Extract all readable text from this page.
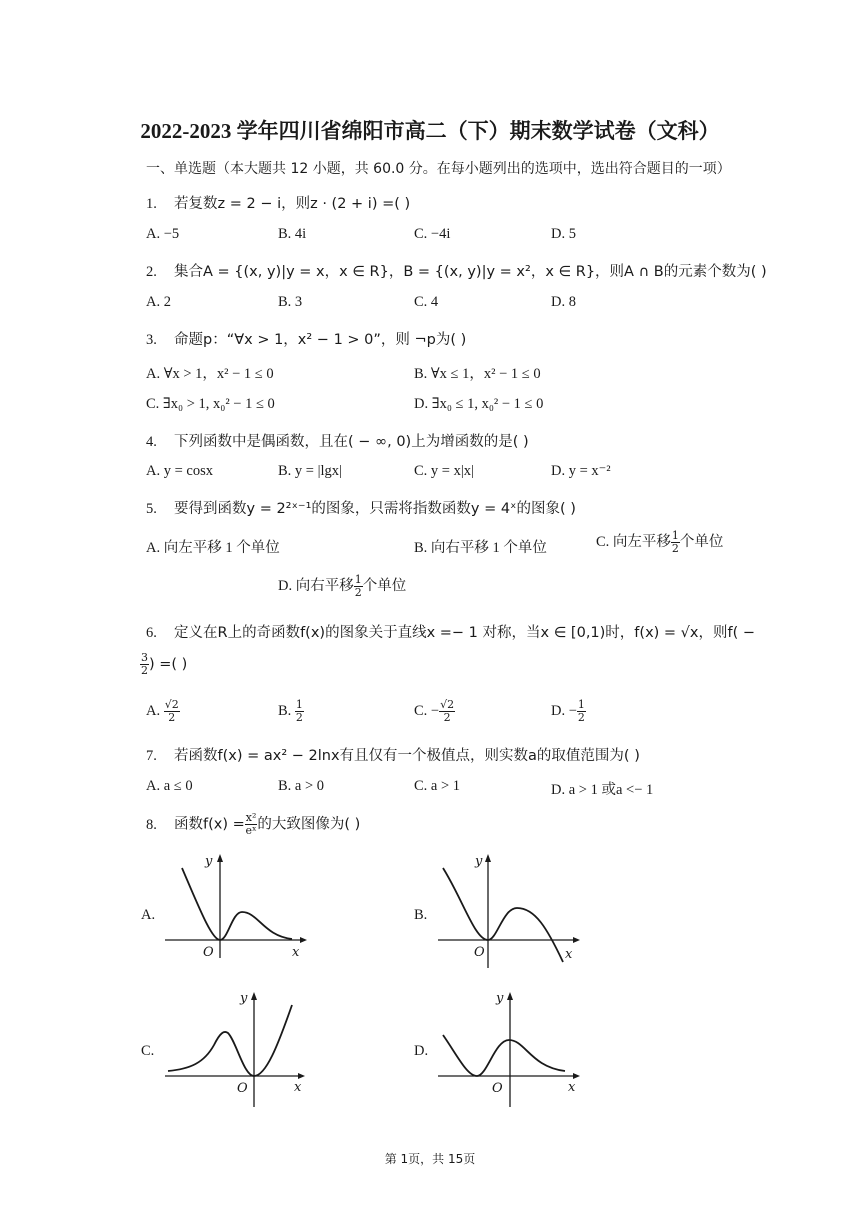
2022-2023 学年四川省绵阳市高二（下）期末数学试卷（文科）
一、单选题（本大题共 12 小题，共 60.0 分。在每小题列出的选项中，选出符合题目的一项）
1. 若复数z = 2 − i，则z · (2 + i) =( )
A. −5	B. 4i	C. −4i	D. 5
2. 集合A = {(x, y)|y = x，x ∈ R}，B = {(x, y)|y = x²，x ∈ R}，则A ∩ B的元素个数为( )
A. 2	B. 3	C. 4	D. 8
3. 命题p：“∀x > 1，x² − 1 > 0”，则 ¬p为( )
A. ∀x > 1，x² − 1 ≤ 0	B. ∀x ≤ 1，x² − 1 ≤ 0
C. ∃x₀ > 1, x₀² − 1 ≤ 0	D. ∃x₀ ≤ 1, x₀² − 1 ≤ 0
4. 下列函数中是偶函数，且在( − ∞, 0)上为增函数的是( )
A. y = cosx	B. y = |lgx|	C. y = x|x|	D. y = x⁻²
5. 要得到函数y = 2²ˣ⁻¹的图象，只需将指数函数y = 4ˣ的图象( )
A. 向左平移 1 个单位	B. 向右平移 1 个单位	C. 向左平移 $\frac{1}{2}$ 个单位
D. 向右平移 $\frac{1}{2}$ 个单位
6. 定义在R上的奇函数f(x)的图象关于直线x =− 1 对称，当x ∈ [0,1)时，f(x) = √x，则f( −
$\frac{3}{2}$ ) =( )
A. $\frac{√2}{2}$	B. $\frac{1}{2}$	C. − $\frac{√2}{2}$	D. − $\frac{1}{2}$
7. 若函数f(x) = ax² − 2lnx有且仅有一个极值点，则实数a的取值范围为( )
A. a ≤ 0	B. a > 0	C. a > 1	D. a > 1 或a <− 1
8. 函数$f(x) = \frac{\text{x²}}{\text{eˣ}}$ 的大致图像为( )
A.	B.
C.	D.
y
x
O
y
x
O
y
x
O
y
x
O
第 1页，共 15页
